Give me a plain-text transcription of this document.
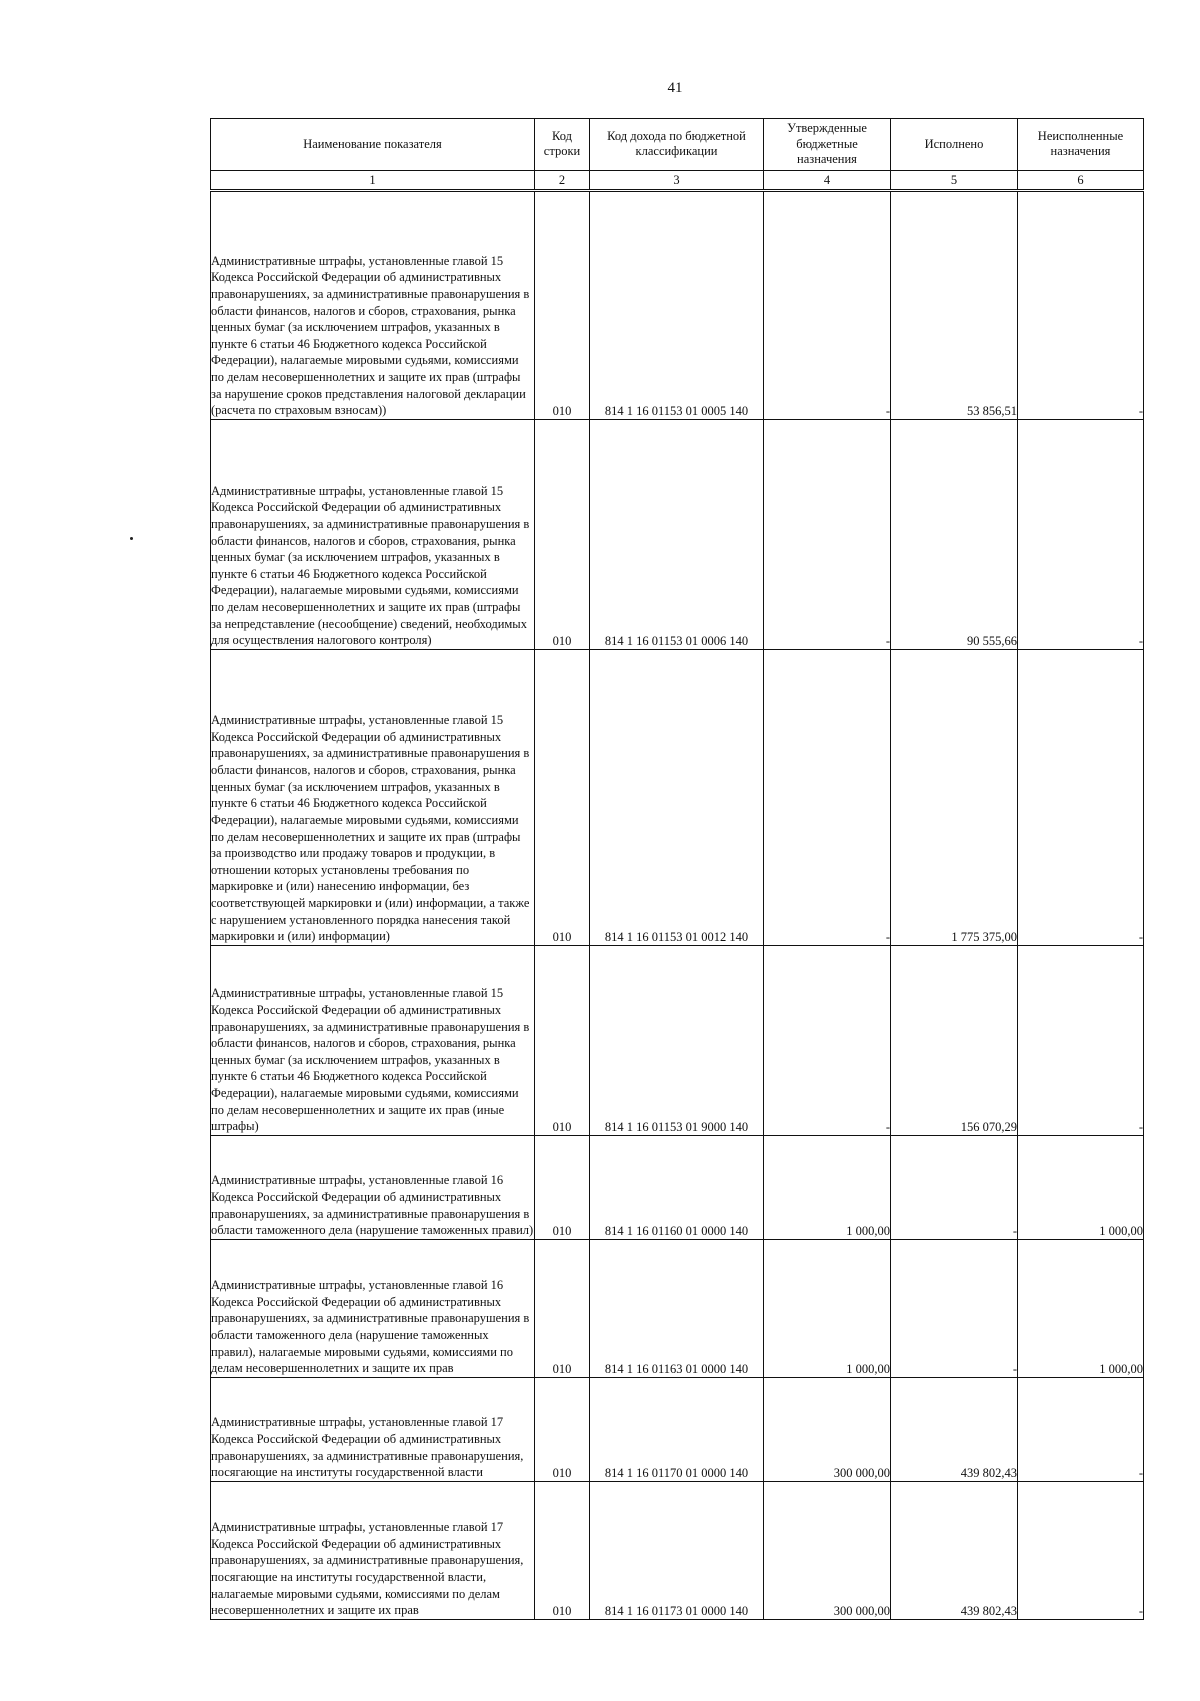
41
Наименование показателя	Код строки	Код дохода по бюджетной классификации	Утвержденные бюджетные назначения	Исполнено	Неисполненные назначения

1	2	3	4	5	6
Административные штрафы, установленные главой 15 Кодекса Российской Федерации об административных правонарушениях, за административные правонарушения в области финансов, налогов и сборов, страхования, рынка ценных бумаг (за исключением штрафов, указанных в пункте 6 статьи 46 Бюджетного кодекса Российской Федерации), налагаемые мировыми судьями, комиссиями по делам несовершеннолетних и защите их прав (штрафы за нарушение сроков представления налоговой декларации (расчета по страховым взносам))	010	814 1 16 01153 01 0005 140	-	53 856,51	-
Административные штрафы, установленные главой 15 Кодекса Российской Федерации об административных правонарушениях, за административные правонарушения в области финансов, налогов и сборов, страхования, рынка ценных бумаг (за исключением штрафов, указанных в пункте 6 статьи 46 Бюджетного кодекса Российской Федерации), налагаемые мировыми судьями, комиссиями по делам несовершеннолетних и защите их прав (штрафы за непредставление (несообщение) сведений, необходимых для осуществления налогового контроля)	010	814 1 16 01153 01 0006 140	-	90 555,66	-
Административные штрафы, установленные главой 15 Кодекса Российской Федерации об административных правонарушениях, за административные правонарушения в области финансов, налогов и сборов, страхования, рынка ценных бумаг (за исключением штрафов, указанных в пункте 6 статьи 46 Бюджетного кодекса Российской Федерации), налагаемые мировыми судьями, комиссиями по делам несовершеннолетних и защите их прав (штрафы за производство или продажу товаров и продукции, в отношении которых установлены требования по маркировке и (или) нанесению информации, без соответствующей маркировки и (или) информации, а также с нарушением установленного порядка нанесения такой маркировки и (или) информации)	010	814 1 16 01153 01 0012 140	-	1 775 375,00	-
Административные штрафы, установленные главой 15 Кодекса Российской Федерации об административных правонарушениях, за административные правонарушения в области финансов, налогов и сборов, страхования, рынка ценных бумаг (за исключением штрафов, указанных в пункте 6 статьи 46 Бюджетного кодекса Российской Федерации), налагаемые мировыми судьями, комиссиями по делам несовершеннолетних и защите их прав (иные штрафы)	010	814 1 16 01153 01 9000 140	-	156 070,29	-
Административные штрафы, установленные главой 16 Кодекса Российской Федерации об административных правонарушениях, за административные правонарушения в области таможенного дела (нарушение таможенных правил)	010	814 1 16 01160 01 0000 140	1 000,00	-	1 000,00
Административные штрафы, установленные главой 16 Кодекса Российской Федерации об административных правонарушениях, за административные правонарушения в области таможенного дела (нарушение таможенных правил), налагаемые мировыми судьями, комиссиями по делам несовершеннолетних и защите их прав	010	814 1 16 01163 01 0000 140	1 000,00	-	1 000,00
Административные штрафы, установленные главой 17 Кодекса Российской Федерации об административных правонарушениях, за административные правонарушения, посягающие на институты государственной власти	010	814 1 16 01170 01 0000 140	300 000,00	439 802,43	-
Административные штрафы, установленные главой 17 Кодекса Российской Федерации об административных правонарушениях, за административные правонарушения, посягающие на институты государственной власти, налагаемые мировыми судьями, комиссиями по делам несовершеннолетних и защите их прав	010	814 1 16 01173 01 0000 140	300 000,00	439 802,43	-
